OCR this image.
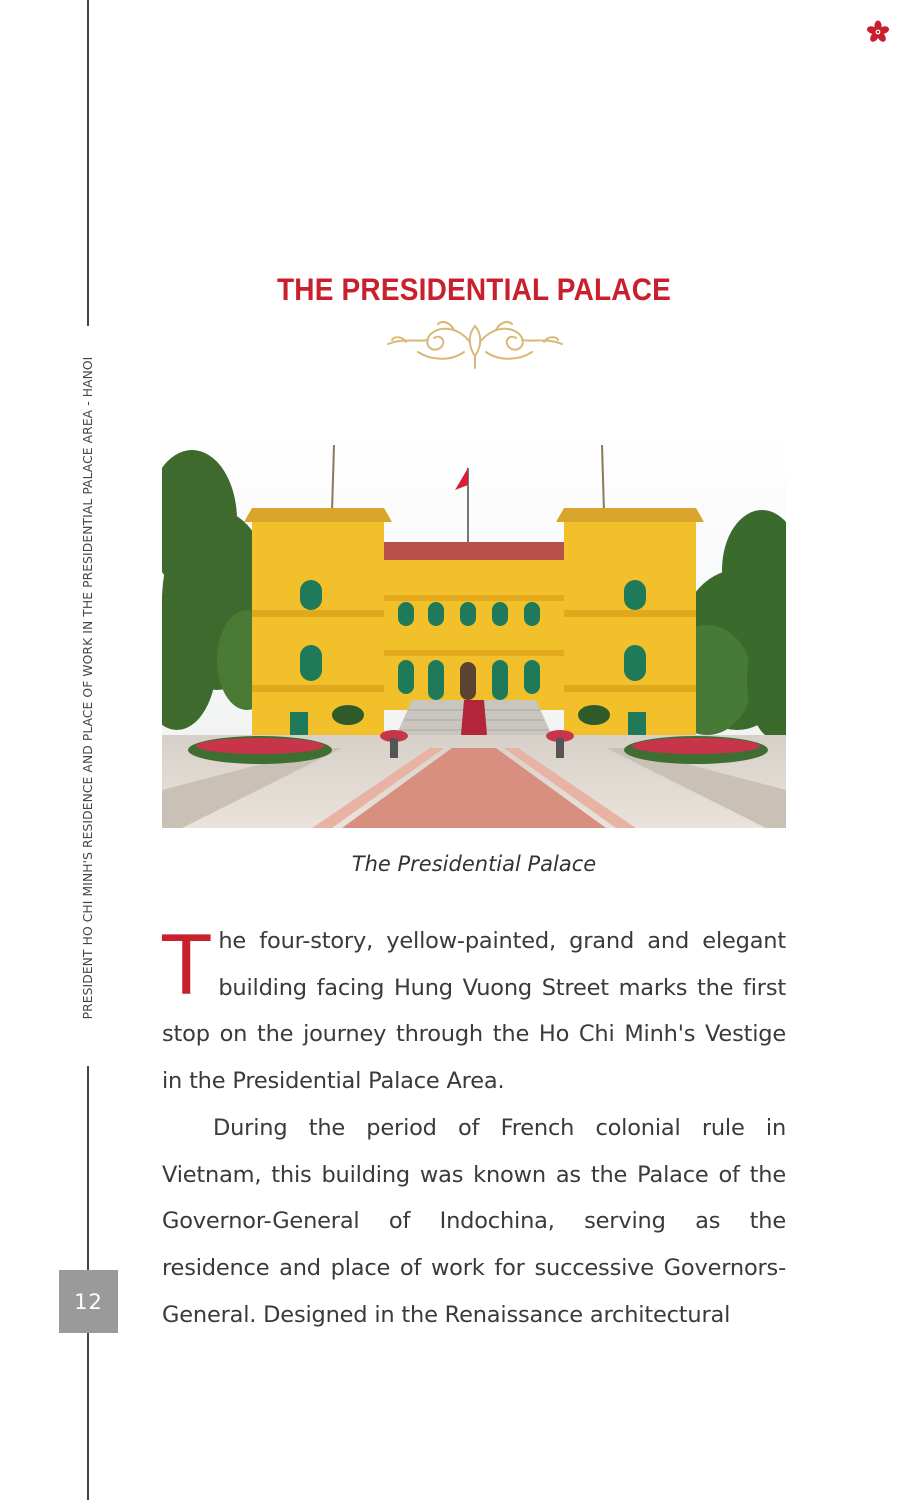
PRESIDENT HO CHI MINH'S RESIDENCE AND PLACE OF WORK IN THE PRESIDENTIAL PALACE AREA - HANOI
12
THE PRESIDENTIAL PALACE
The Presidential Palace

The four-story, yellow-painted, grand and elegant building facing Hung Vuong Street marks the first stop on the journey through the Ho Chi Minh's Vestige in the Presidential Palace Area.

During the period of French colonial rule in Vietnam, this building was known as the Palace of the Governor-General of Indochina, serving as the residence and place of work for successive Governors-General. Designed in the Renaissance architectural
